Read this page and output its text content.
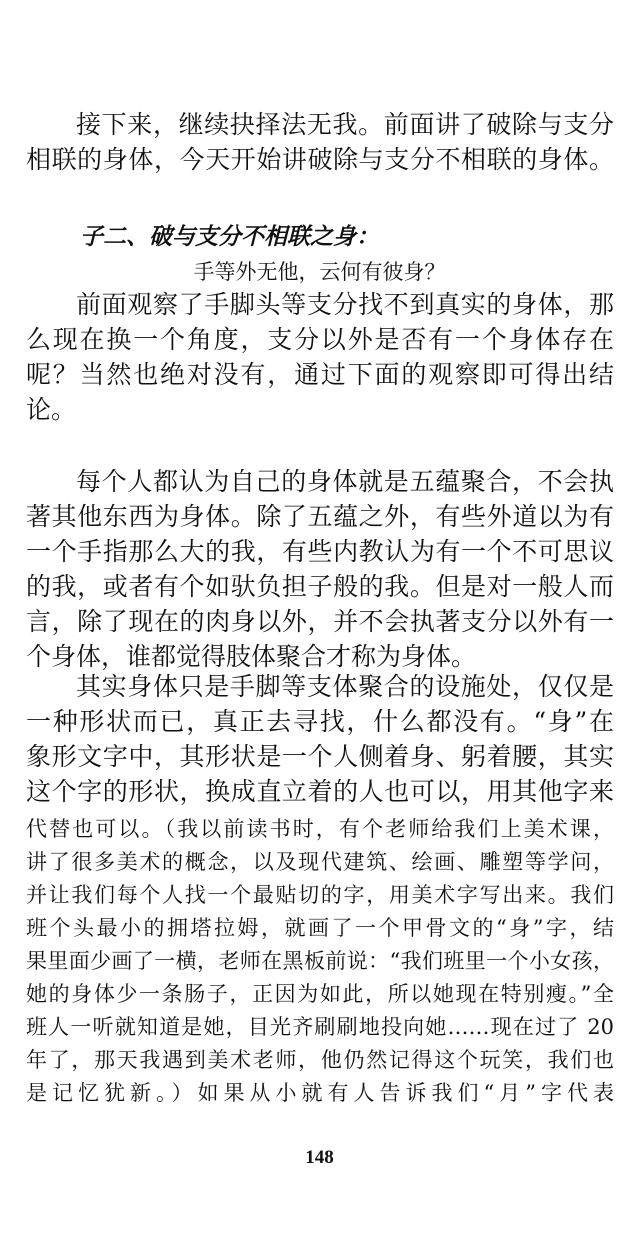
接下来，继续抉择法无我。前面讲了破除与支分
相联的身体，今天开始讲破除与支分不相联的身体。
子二、破与支分不相联之身：
手等外无他，云何有彼身？
前面观察了手脚头等支分找不到真实的身体，那
么现在换一个角度，支分以外是否有一个身体存在
呢？当然也绝对没有，通过下面的观察即可得出结
论。
每个人都认为自己的身体就是五蕴聚合，不会执
著其他东西为身体。除了五蕴之外，有些外道以为有
一个手指那么大的我，有些内教认为有一个不可思议
的我，或者有个如驮负担子般的我。但是对一般人而
言，除了现在的肉身以外，并不会执著支分以外有一
个身体，谁都觉得肢体聚合才称为身体。
其实身体只是手脚等支体聚合的设施处，仅仅是
一种形状而已，真正去寻找，什么都没有。“身”在
象形文字中，其形状是一个人侧着身、躬着腰，其实
这个字的形状，换成直立着的人也可以，用其他字来
代替也可以。（我以前读书时，有个老师给我们上美术课，
讲了很多美术的概念，以及现代建筑、绘画、雕塑等学问，
并让我们每个人找一个最贴切的字，用美术字写出来。我们
班个头最小的拥塔拉姆，就画了一个甲骨文的“身”字，结
果里面少画了一横，老师在黑板前说：“我们班里一个小女孩，
她的身体少一条肠子，正因为如此，所以她现在特别瘦。”全
班人一听就知道是她，目光齐刷刷地投向她……现在过了 20
年了，那天我遇到美术老师，他仍然记得这个玩笑，我们也
是记忆犹新。）如果从小就有人告诉我们“月”字代表
148
